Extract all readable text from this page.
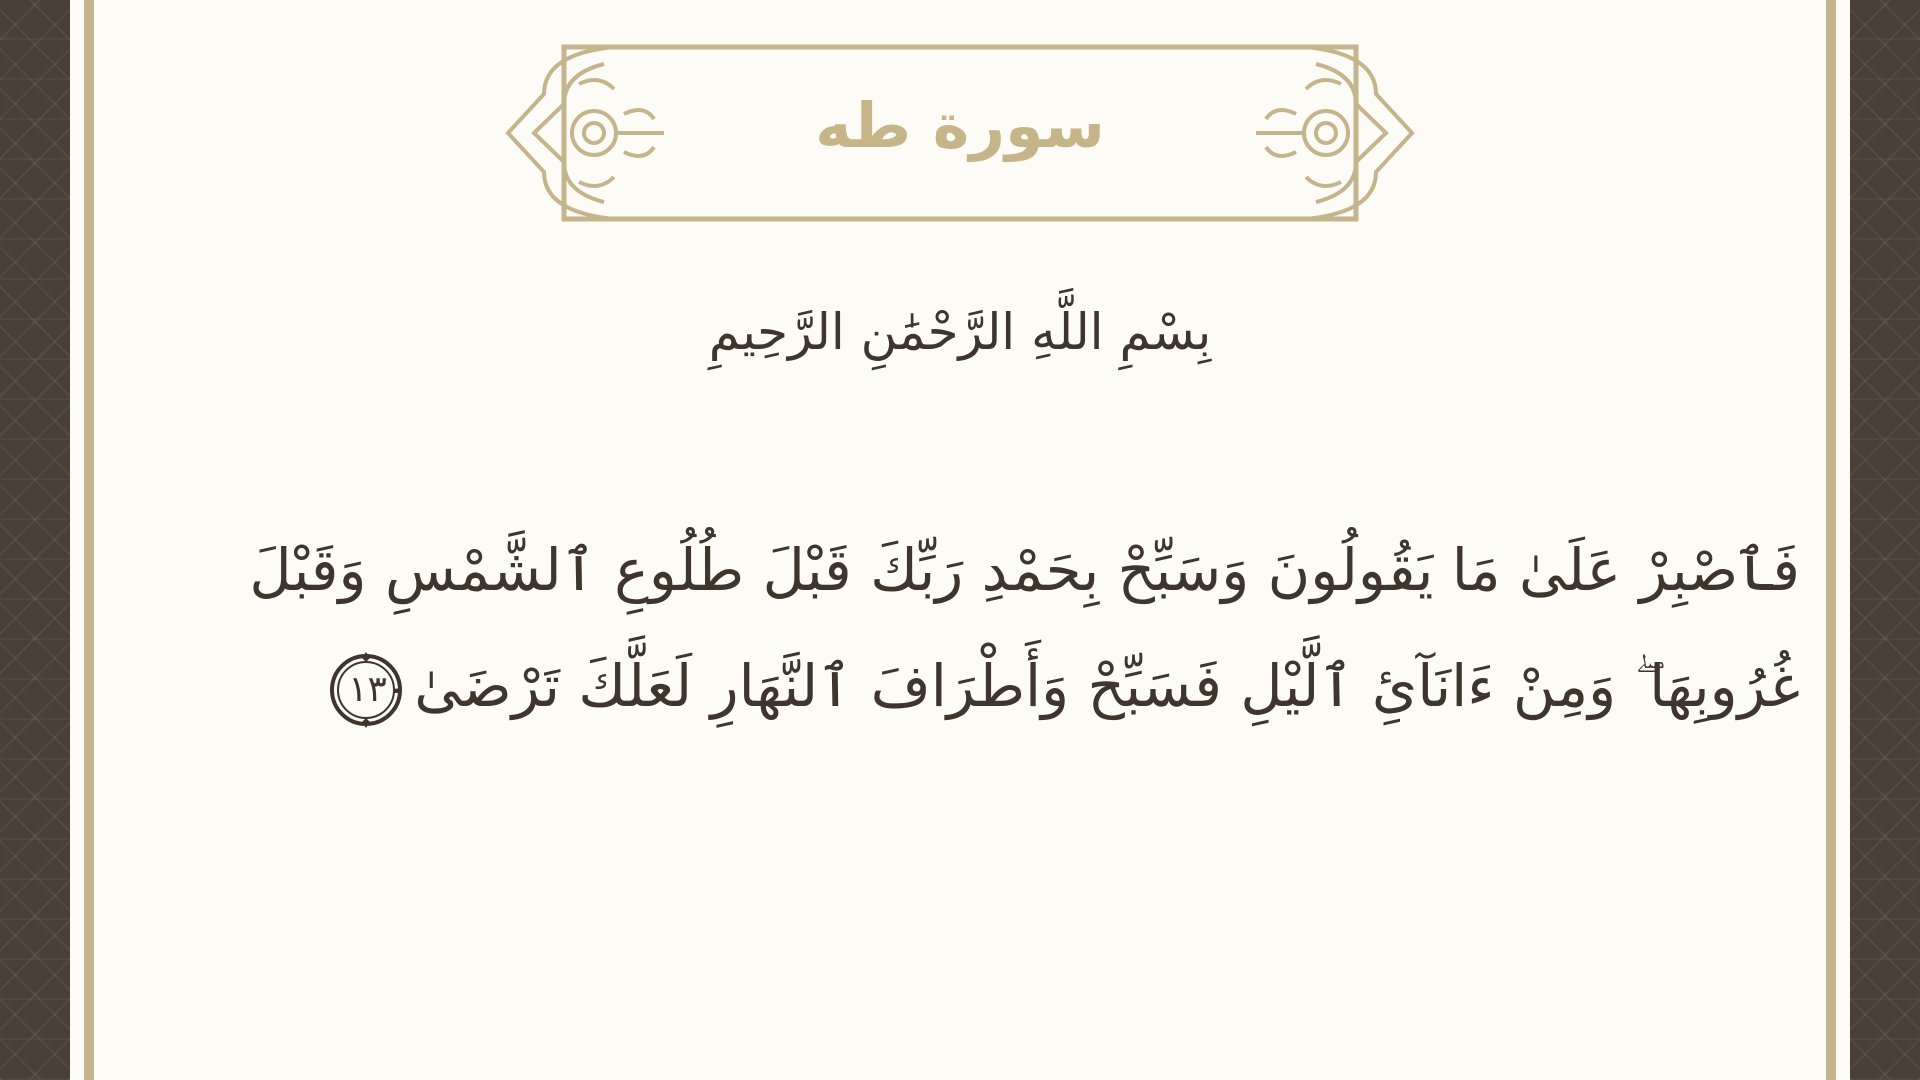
سورة طه
بِسْمِ اللَّهِ الرَّحْمَٰنِ الرَّحِيمِ
فَٱصْبِرْ عَلَىٰ مَا يَقُولُونَ وَسَبِّحْ بِحَمْدِ رَبِّكَ قَبْلَ طُلُوعِ ٱلشَّمْسِ وَقَبْلَ
غُرُوبِهَا ۖ وَمِنْ ءَانَآئِ ٱلَّيْلِ فَسَبِّحْ وَأَطْرَافَ ٱلنَّهَارِ لَعَلَّكَ تَرْضَىٰ
١٣٠
